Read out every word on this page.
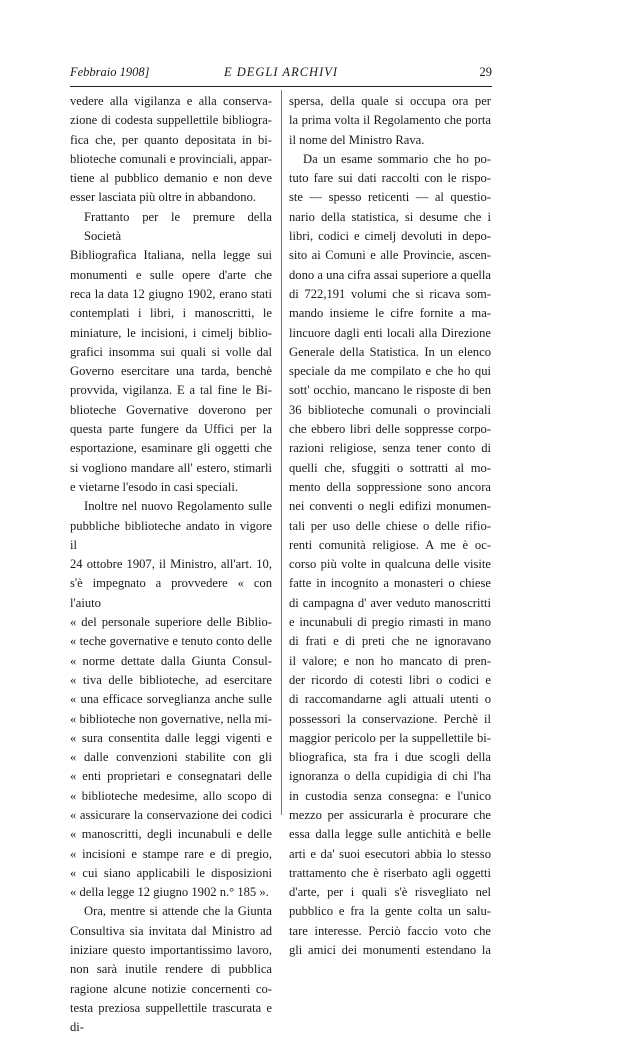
Febbraio 1908]	E DEGLI ARCHIVI	29
vedere alla vigilanza e alla conserva-
zione di codesta suppellettile bibliogra-
fica che, per quanto depositata in bi-
blioteche comunali e provinciali, appar-
tiene al pubblico demanio e non deve
esser lasciata più oltre in abbandono.
Frattanto per le premure della Società
Bibliografica Italiana, nella legge sui
monumenti e sulle opere d'arte che
reca la data 12 giugno 1902, erano stati
contemplati i libri, i manoscritti, le
miniature, le incisioni, i cimelj biblio-
grafici insomma sui quali si volle dal
Governo esercitare una tarda, benchè
provvida, vigilanza. E a tal fine le Bi-
blioteche Governative doverono per
questa parte fungere da Uffici per la
esportazione, esaminare gli oggetti che
si vogliono mandare all' estero, stimarli
e vietarne l'esodo in casi speciali.
Inoltre nel nuovo Regolamento sulle
pubbliche biblioteche andato in vigore il
24 ottobre 1907, il Ministro, all'art. 10,
s'è impegnato a provvedere « con l'aiuto
« del personale superiore delle Biblio-
« teche governative e tenuto conto delle
« norme dettate dalla Giunta Consul-
« tiva delle biblioteche, ad esercitare
« una efficace sorveglianza anche sulle
« biblioteche non governative, nella mi-
« sura consentita dalle leggi vigenti e
« dalle convenzioni stabilite con gli
« enti proprietari e consegnatari delle
« biblioteche medesime, allo scopo di
« assicurare la conservazione dei codici
« manoscritti, degli incunabuli e delle
« incisioni e stampe rare e di pregio,
« cui siano applicabili le disposizioni
« della legge 12 giugno 1902 n.° 185 ».
Ora, mentre si attende che la Giunta
Consultiva sia invitata dal Ministro ad
iniziare questo importantissimo lavoro,
non sarà inutile rendere di pubblica
ragione alcune notizie concernenti co-
testa preziosa suppellettile trascurata e di-
spersa, della quale si occupa ora per
la prima volta il Regolamento che porta
il nome del Ministro Rava.
Da un esame sommario che ho po-
tuto fare sui dati raccolti con le rispo-
ste — spesso reticenti — al questio-
nario della statistica, si desume che i
libri, codici e cimelj devoluti in depo-
sito ai Comuni e alle Provincie, ascen-
dono a una cifra assai superiore a quella
di 722,191 volumi che si ricava som-
mando insieme le cifre fornite a ma-
lincuore dagli enti locali alla Direzione
Generale della Statistica. In un elenco
speciale da me compilato e che ho qui
sott' occhio, mancano le risposte di ben
36 biblioteche comunali o provinciali
che ebbero libri delle soppresse corpo-
razioni religiose, senza tener conto di
quelli che, sfuggiti o sottratti al mo-
mento della soppressione sono ancora
nei conventi o negli edifizi monumen-
tali per uso delle chiese o delle rifio-
renti comunità religiose. A me è oc-
corso più volte in qualcuna delle visite
fatte in incognito a monasteri o chiese
di campagna d' aver veduto manoscritti
e incunabuli di pregio rimasti in mano
di frati e di preti che ne ignoravano
il valore; e non ho mancato di pren-
der ricordo di cotesti libri o codici e
di raccomandarne agli attuali utenti o
possessori la conservazione. Perchè il
maggior pericolo per la suppellettile bi-
bliografica, sta fra i due scogli della
ignoranza o della cupidigia di chi l'ha
in custodia senza consegna: e l'unico
mezzo per assicurarla è procurare che
essa dalla legge sulle antichità e belle
arti e da' suoi esecutori abbia lo stesso
trattamento che è riserbato agli oggetti
d'arte, per i quali s'è risvegliato nel
pubblico e fra la gente colta un salu-
tare interesse. Perciò faccio voto che
gli amici dei monumenti estendano la
